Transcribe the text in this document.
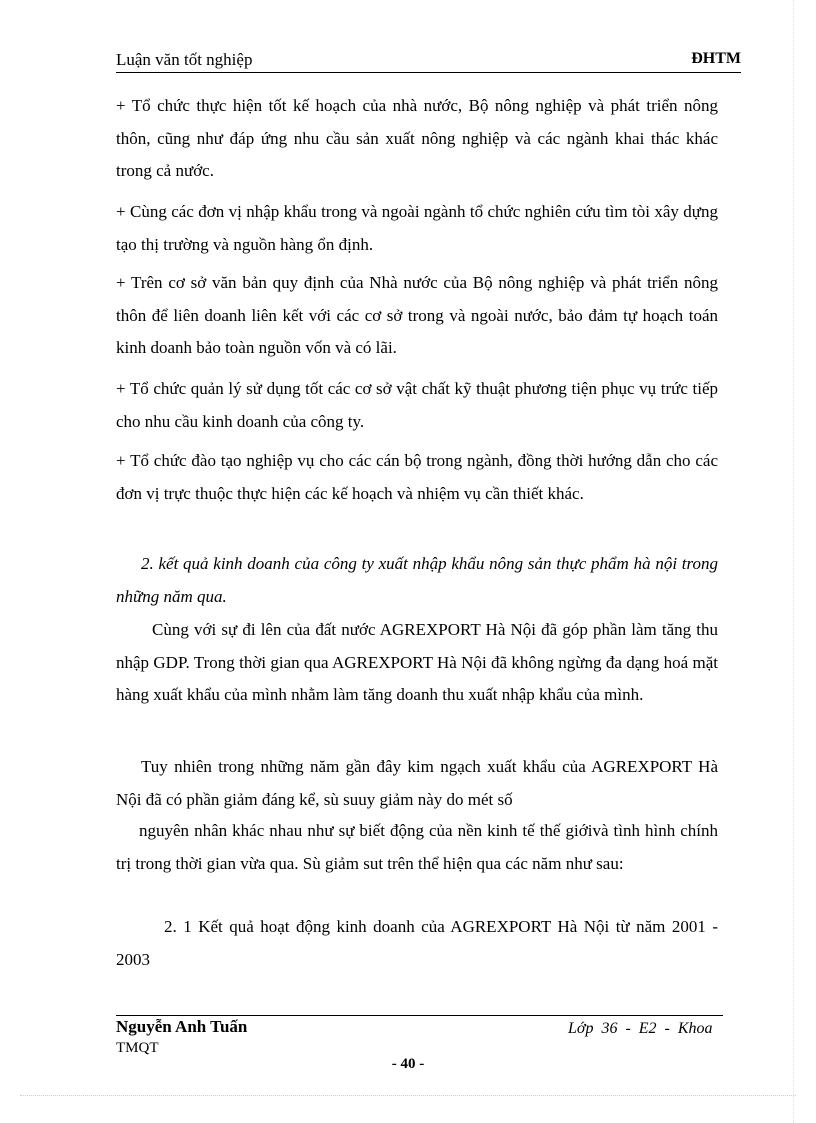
Luận văn tốt nghiệp	ĐHTM

+ Tổ chức thực hiện tốt kế hoạch của nhà nước, Bộ nông nghiệp và phát triển nông thôn, cũng như đáp ứng nhu cầu sản xuất nông nghiệp và các ngành khai thác khác trong cả nước.

+ Cùng các đơn vị nhập khẩu trong và ngoài ngành tổ chức nghiên cứu tìm tòi xây dựng tạo thị trường và nguồn hàng ổn định.

+ Trên cơ sở văn bản quy định của Nhà nước của Bộ nông nghiệp và phát triển nông thôn để liên doanh liên kết với các cơ sở trong và ngoài nước, bảo đảm tự hoạch toán kinh doanh bảo toàn nguồn vốn và có lãi.

+ Tổ chức quản lý sử dụng tốt các cơ sở vật chất kỹ thuật phương tiện phục vụ trức tiếp cho nhu cầu kinh doanh của công ty.

+ Tổ chức đào tạo nghiệp vụ cho các cán bộ trong ngành, đồng thời hướng dẫn cho các đơn vị trực thuộc thực hiện các kế hoạch và nhiệm vụ cần thiết khác.

2. kết quả kinh doanh của công ty xuất nhập khẩu nông sản thực phẩm hà nội trong những năm qua.

Cùng với sự đi lên của đất nước AGREXPORT Hà Nội đã góp phần làm tăng thu nhập GDP. Trong thời gian qua AGREXPORT Hà Nội đã không ngừng đa dạng hoá mặt hàng xuất khẩu của mình nhằm làm tăng doanh thu xuất nhập khẩu của mình.

Tuy nhiên trong những năm gần đây kim ngạch xuất khẩu của AGREXPORT Hà Nội đã có phần giảm đáng kể, sù suuy giảm này do mét số

nguyên nhân khác nhau như sự biết động của nền kinh tế thế giớivà tình hình chính trị trong thời gian vừa qua. Sù giảm sut trên thể hiện qua các năm như sau:

2. 1 Kết quả hoạt động kinh doanh của AGREXPORT Hà Nội từ năm 2001 - 2003

Nguyễn Anh Tuấn	Lớp 36 - E2 - Khoa
TMQT
- 40 -
